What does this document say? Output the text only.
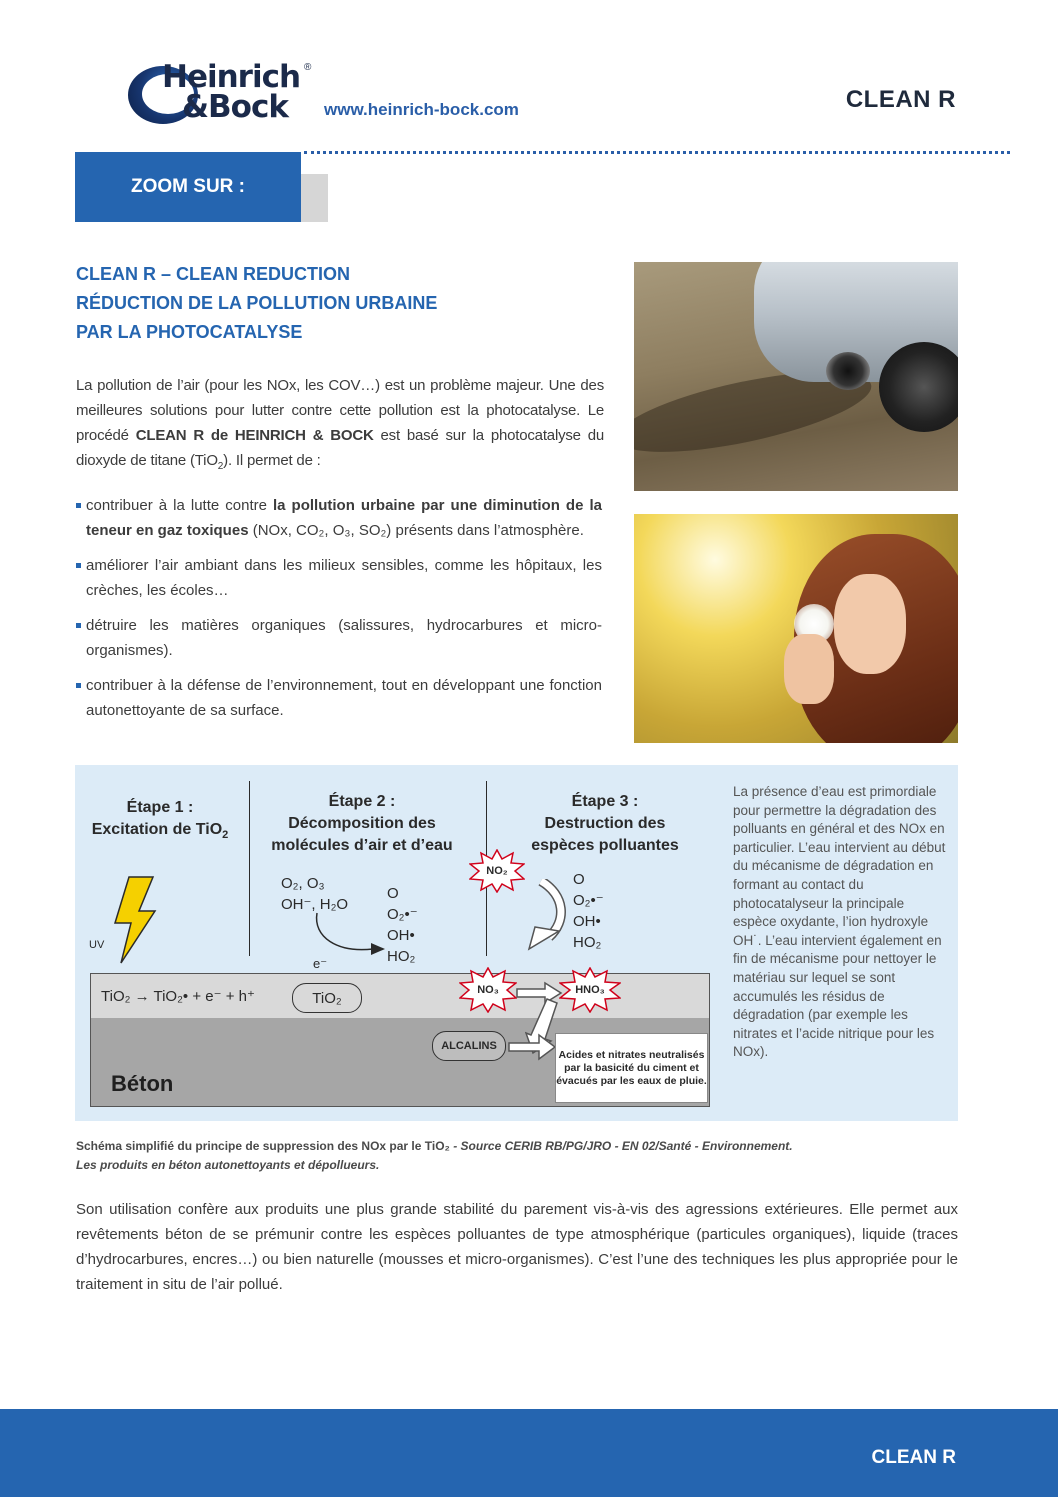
Heinrich
&Bock
®
www.heinrich-bock.com	CLEAN R
ZOOM SUR :
CLEAN R – CLEAN REDUCTION
RÉDUCTION DE LA POLLUTION URBAINE
PAR LA PHOTOCATALYSE
La pollution de l’air (pour les NOx, les COV…) est un problème majeur. Une des meilleures solutions pour lutter contre cette pollution est la photocatalyse. Le procédé CLEAN R de HEINRICH & BOCK est basé sur la photocatalyse du dioxyde de titane (TiO$_2$). Il permet de :
contribuer à la lutte contre la pollution urbaine par une diminution de la teneur en gaz toxiques (NOx, CO₂, O₃, SO₂) présents dans l’atmosphère.
améliorer l’air ambiant dans les milieux sensibles, comme les hôpitaux, les crèches, les écoles…
détruire les matières organiques (salissures, hydrocarbures et micro-organismes).
contribuer à la défense de l’environnement, tout en développant une fonction autonettoyante de sa surface.
Étape 1 :
Excitation de TiO$_2$
Étape 2 :
Décomposition des
molécules d’air et d’eau
Étape 3 :
Destruction des
espèces polluantes
UV
O₂, O₃
OH⁻, H₂O
e⁻
O
O₂•⁻
OH•
HO₂
NO₂	O
O₂•⁻
OH•
HO₂
TiO₂ → TiO₂• + e⁻ + h⁺	TiO₂	NO₃	HNO₃
ALCALINS
Acides et nitrates neutralisés par la basicité du ciment et évacués par les eaux de pluie.
Béton
La présence d’eau est primordiale pour permettre la dégradation des polluants en général et des NOx en particulier. L’eau intervient au début du mécanisme de dégradation en formant au contact du photocatalyseur la principale espèce oxydante, l’ion hydroxyle OH˙. L’eau intervient également en fin de mécanisme pour nettoyer le matériau sur lequel se sont accumulés les résidus de dégradation (par exemple les nitrates et l’acide nitrique pour les NOx).
Schéma simplifié du principe de suppression des NOx par le TiO₂ - Source CERIB RB/PG/JRO - EN 02/Santé - Environnement.
Les produits en béton autonettoyants et dépollueurs.
Son utilisation confère aux produits une plus grande stabilité du parement vis-à-vis des agressions extérieures. Elle permet aux revêtements béton de se prémunir contre les espèces polluantes de type atmosphérique (particules organiques), liquide (traces d’hydrocarbures, encres…) ou bien naturelle (mousses et micro-organismes). C’est l’une des techniques les plus appropriée pour le traitement in situ de l’air pollué.
CLEAN R
